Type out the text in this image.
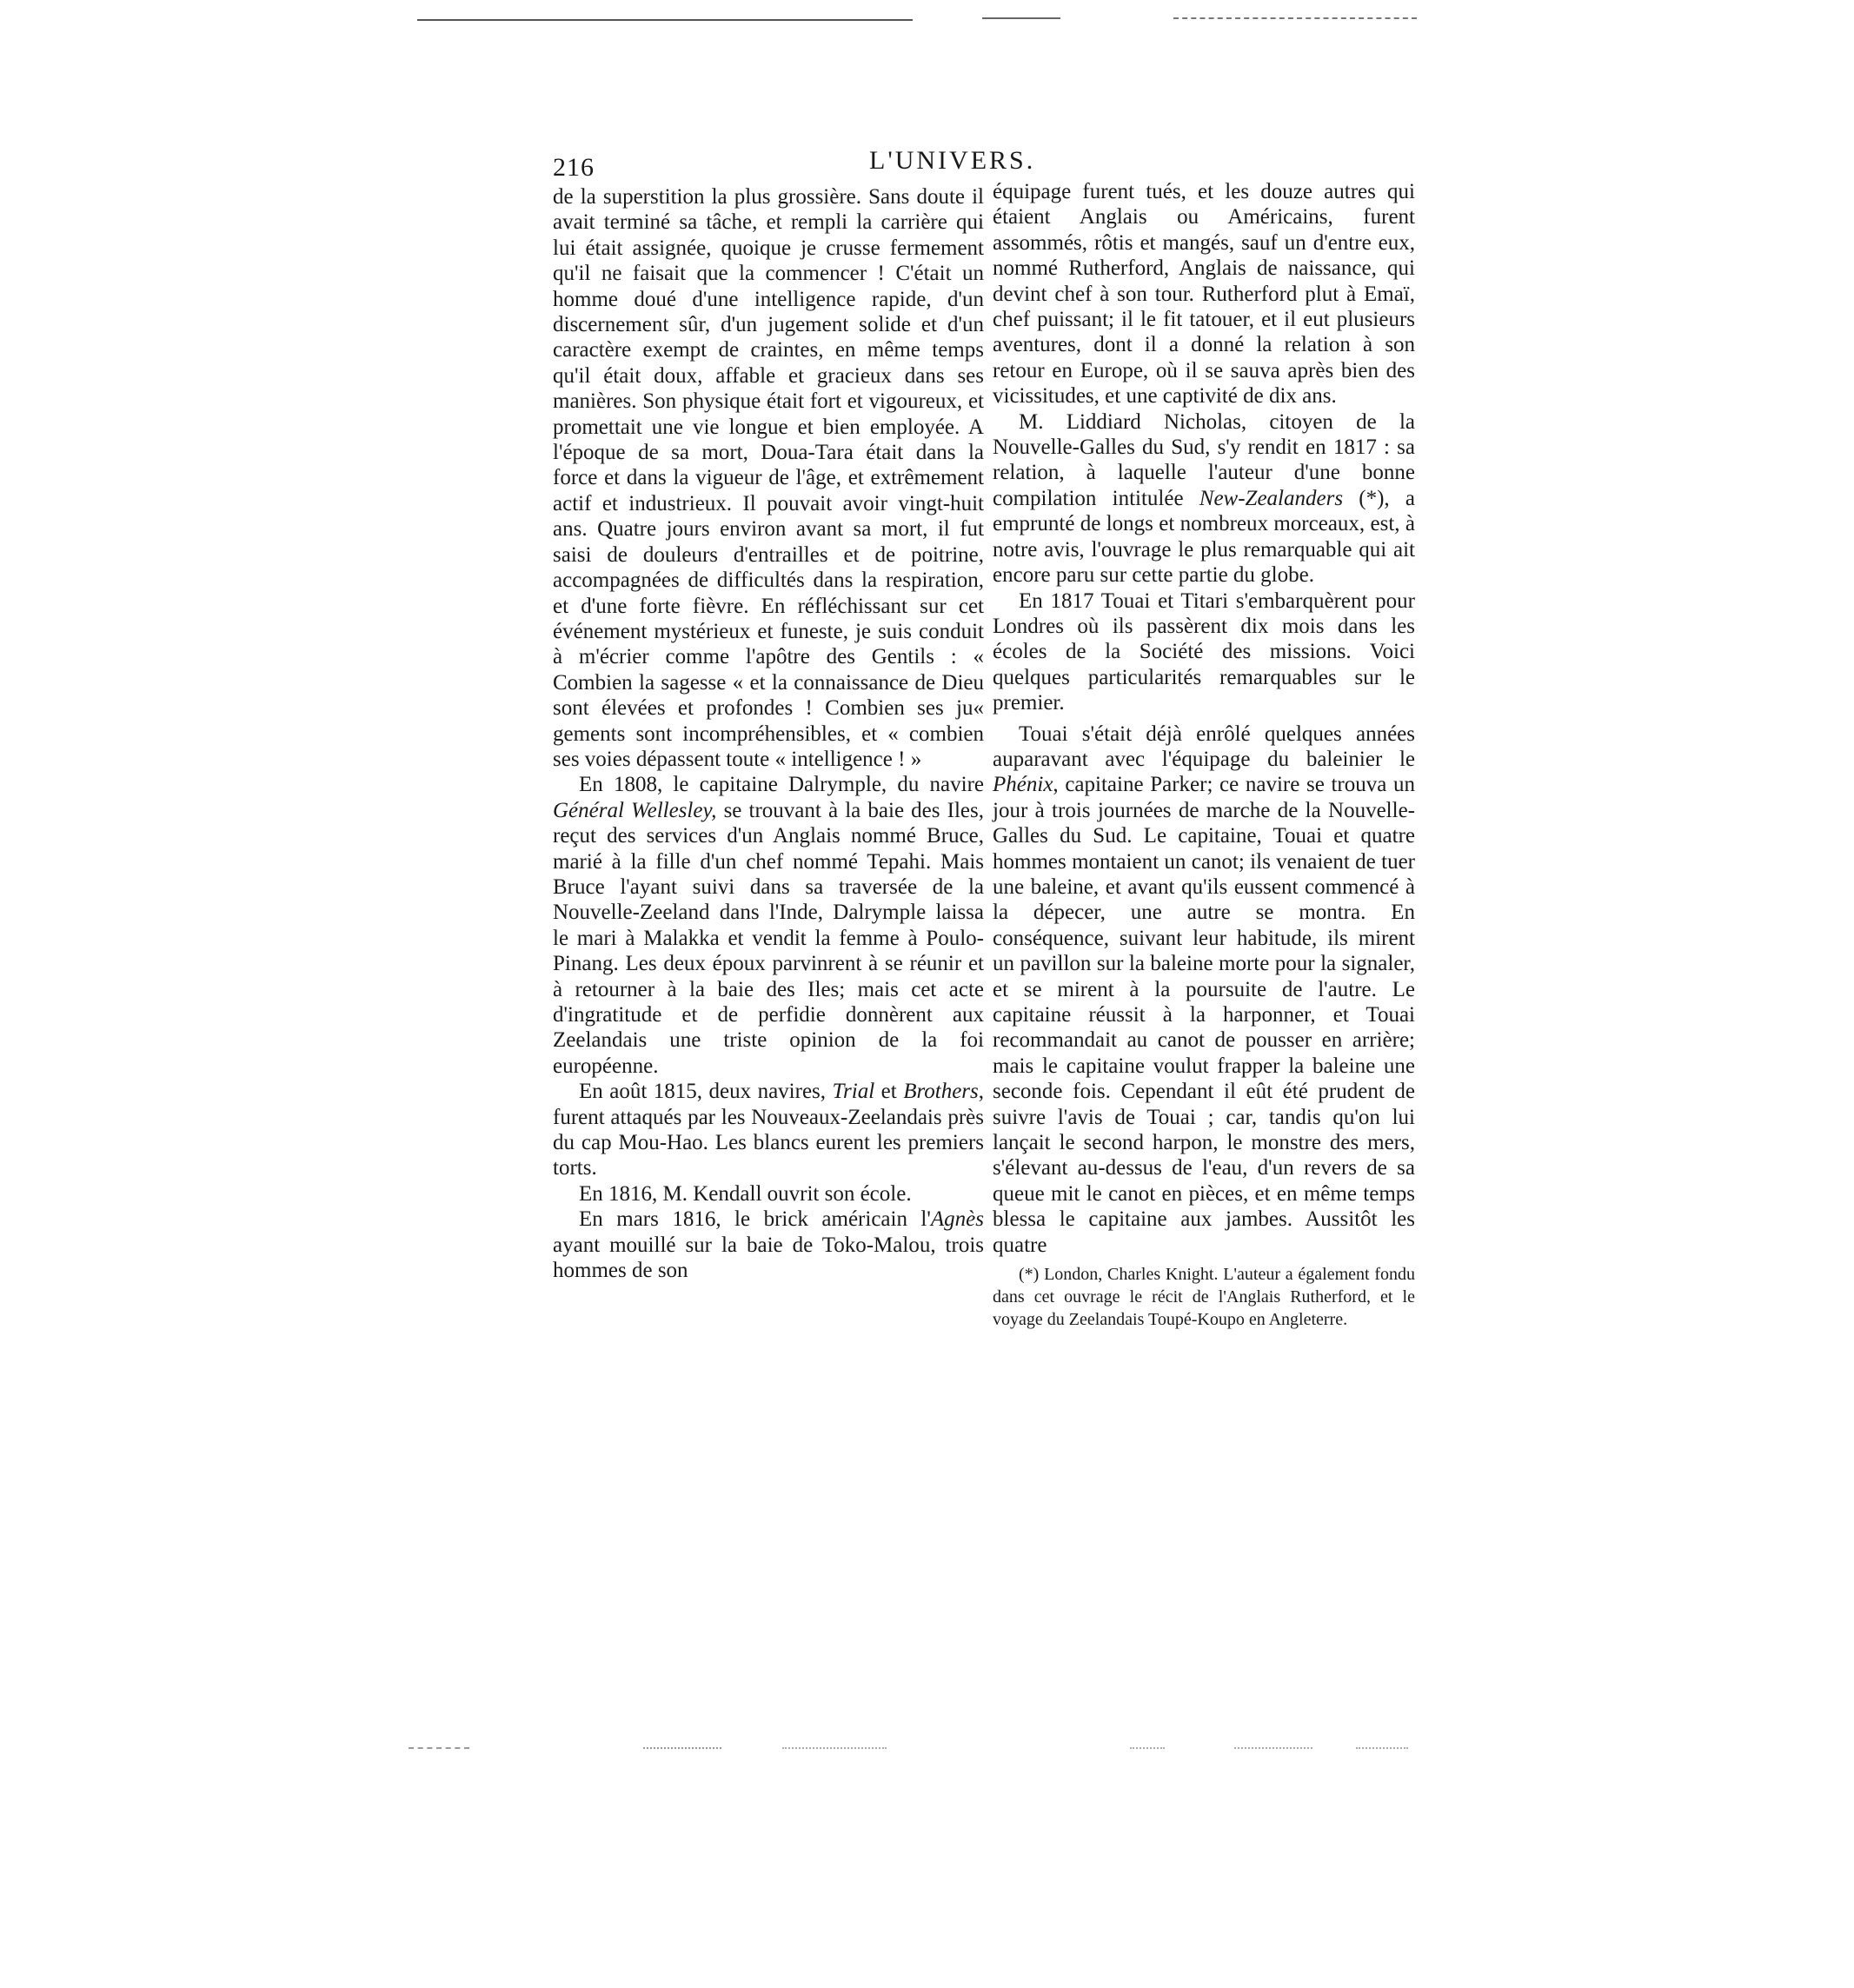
216	L'UNIVERS.

de la superstition la plus grossière. Sans doute il avait terminé sa tâche, et rempli la carrière qui lui était assignée, quoique je crusse fermement qu'il ne faisait que la commencer ! C'était un homme doué d'une intelligence rapide, d'un discernement sûr, d'un jugement solide et d'un caractère exempt de craintes, en même temps qu'il était doux, affable et gracieux dans ses manières. Son physique était fort et vigoureux, et promettait une vie longue et bien employée. A l'époque de sa mort, Doua-Tara était dans la force et dans la vigueur de l'âge, et extrêmement actif et industrieux. Il pouvait avoir vingt-huit ans. Quatre jours environ avant sa mort, il fut saisi de douleurs d'entrailles et de poitrine, accompagnées de difficultés dans la respiration, et d'une forte fièvre. En réfléchissant sur cet événement mystérieux et funeste, je suis conduit à m'écrier comme l'apôtre des Gentils : « Combien la sagesse « et la connaissance de Dieu sont élevées et profondes ! Combien ses ju« gements sont incompréhensibles, et « combien ses voies dépassent toute « intelligence ! »

En 1808, le capitaine Dalrymple, du navire Général Wellesley, se trouvant à la baie des Iles, reçut des services d'un Anglais nommé Bruce, marié à la fille d'un chef nommé Tepahi. Mais Bruce l'ayant suivi dans sa traversée de la Nouvelle-Zeeland dans l'Inde, Dalrymple laissa le mari à Malakka et vendit la femme à Poulo-Pinang. Les deux époux parvinrent à se réunir et à retourner à la baie des Iles; mais cet acte d'ingratitude et de perfidie donnèrent aux Zeelandais une triste opinion de la foi européenne.

En août 1815, deux navires, Trial et Brothers, furent attaqués par les Nouveaux-Zeelandais près du cap Mou-Hao. Les blancs eurent les premiers torts.

En 1816, M. Kendall ouvrit son école.

En mars 1816, le brick américain l'Agnès ayant mouillé sur la baie de Toko-Malou, trois hommes de son

équipage furent tués, et les douze autres qui étaient Anglais ou Américains, furent assommés, rôtis et mangés, sauf un d'entre eux, nommé Rutherford, Anglais de naissance, qui devint chef à son tour. Rutherford plut à Emaï, chef puissant; il le fit tatouer, et il eut plusieurs aventures, dont il a donné la relation à son retour en Europe, où il se sauva après bien des vicissitudes, et une captivité de dix ans.

M. Liddiard Nicholas, citoyen de la Nouvelle-Galles du Sud, s'y rendit en 1817 : sa relation, à laquelle l'auteur d'une bonne compilation intitulée New-Zealanders (*), a emprunté de longs et nombreux morceaux, est, à notre avis, l'ouvrage le plus remarquable qui ait encore paru sur cette partie du globe.

En 1817 Touai et Titari s'embarquèrent pour Londres où ils passèrent dix mois dans les écoles de la Société des missions. Voici quelques particularités remarquables sur le premier.

Touai s'était déjà enrôlé quelques années auparavant avec l'équipage du baleinier le Phénix, capitaine Parker; ce navire se trouva un jour à trois journées de marche de la Nouvelle-Galles du Sud. Le capitaine, Touai et quatre hommes montaient un canot; ils venaient de tuer une baleine, et avant qu'ils eussent commencé à la dépecer, une autre se montra. En conséquence, suivant leur habitude, ils mirent un pavillon sur la baleine morte pour la signaler, et se mirent à la poursuite de l'autre. Le capitaine réussit à la harponner, et Touai recommandait au canot de pousser en arrière; mais le capitaine voulut frapper la baleine une seconde fois. Cependant il eût été prudent de suivre l'avis de Touai ; car, tandis qu'on lui lançait le second harpon, le monstre des mers, s'élevant au-dessus de l'eau, d'un revers de sa queue mit le canot en pièces, et en même temps blessa le capitaine aux jambes. Aussitôt les quatre

(*) London, Charles Knight. L'auteur a également fondu dans cet ouvrage le récit de l'Anglais Rutherford, et le voyage du Zeelandais Toupé-Koupo en Angleterre.
